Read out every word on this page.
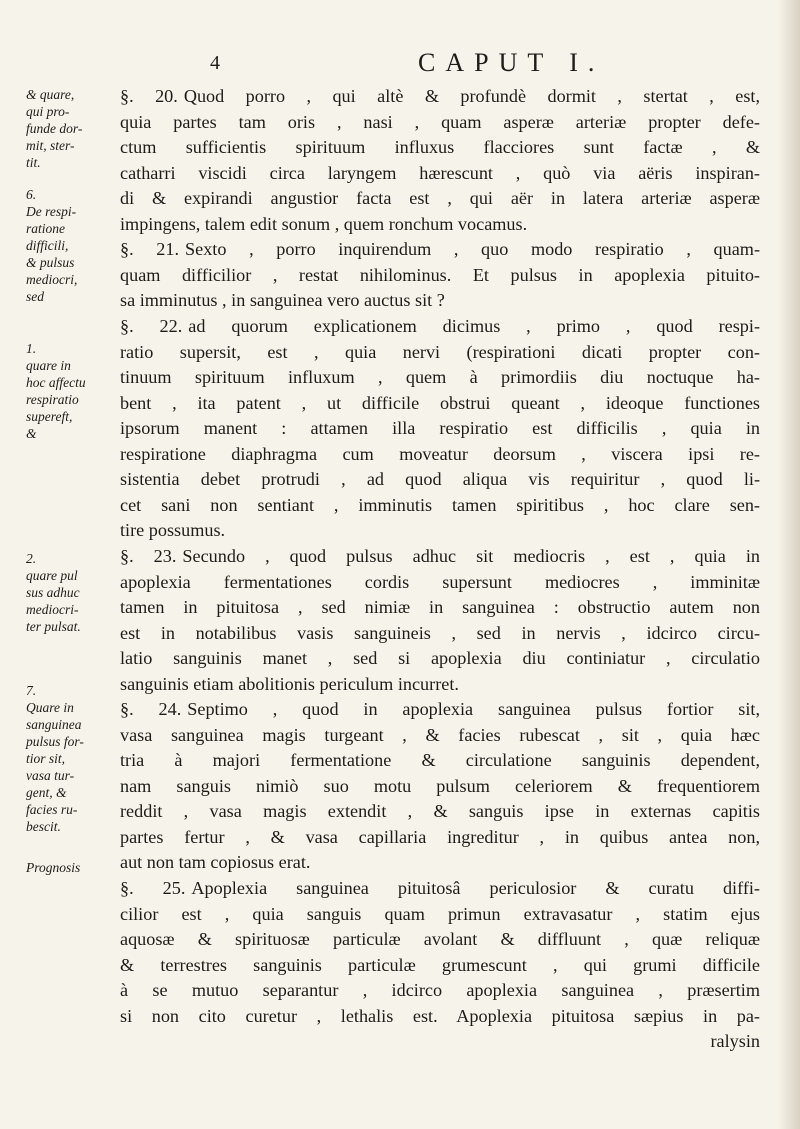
4	CAPUT I.
& quare,
qui pro-
funde dor-
mit, ster-
tit.
6.
De respi-
ratione
difficili,
& pulsus
mediocri,
sed
1.
quare in
hoc affectu
respiratio
supereft,
&
2.
quare pul
sus adhuc
mediocri-
ter pulsat.
7.
Quare in
sanguinea
pulsus for-
tior sit,
vasa tur-
gent, &
facies ru-
bescit.
Prognosis
§. 20. Quod porro , qui altè & profundè dormit , stertat , est,
quia partes tam oris , nasi , quam asperæ arteriæ propter defe-
ctum sufficientis spirituum influxus flacciores sunt factæ , &
catharri viscidi circa laryngem hærescunt , quò via aëris inspiran-
di & expirandi angustior facta est , qui aër in latera arteriæ asperæ
impingens, talem edit sonum , quem ronchum vocamus.
§. 21. Sexto , porro inquirendum , quo modo respiratio , quam-
quam difficilior , restat nihilominus. Et pulsus in apoplexia pituito-
sa imminutus , in sanguinea vero auctus sit ?
§. 22. ad quorum explicationem dicimus , primo , quod respi-
ratio supersit, est , quia nervi (respirationi dicati propter con-
tinuum spirituum influxum , quem à primordiis diu noctuque ha-
bent , ita patent , ut difficile obstrui queant , ideoque functiones
ipsorum manent : attamen illa respiratio est difficilis , quia in
respiratione diaphragma cum moveatur deorsum , viscera ipsi re-
sistentia debet protrudi , ad quod aliqua vis requiritur , quod li-
cet sani non sentiant , imminutis tamen spiritibus , hoc clare sen-
tire possumus.
§. 23. Secundo , quod pulsus adhuc sit mediocris , est , quia in
apoplexia fermentationes cordis supersunt mediocres , imminitæ
tamen in pituitosa , sed nimiæ in sanguinea : obstructio autem non
est in notabilibus vasis sanguineis , sed in nervis , idcirco circu-
latio sanguinis manet , sed si apoplexia diu continiatur , circulatio
sanguinis etiam abolitionis periculum incurret.
§. 24. Septimo , quod in apoplexia sanguinea pulsus fortior sit,
vasa sanguinea magis turgeant , & facies rubescat , sit , quia hæc
tria à majori fermentatione & circulatione sanguinis dependent,
nam sanguis nimiò suo motu pulsum celeriorem & frequentiorem
reddit , vasa magis extendit , & sanguis ipse in externas capitis
partes fertur , & vasa capillaria ingreditur , in quibus antea non,
aut non tam copiosus erat.
§. 25. Apoplexia sanguinea pituitosâ periculosior & curatu diffi-
cilior est , quia sanguis quam primun extravasatur , statim ejus
aquosæ & spirituosæ particulæ avolant & diffluunt , quæ reliquæ
& terrestres sanguinis particulæ grumescunt , qui grumi difficile
à se mutuo separantur , idcirco apoplexia sanguinea , præsertim
si non cito curetur , lethalis est. Apoplexia pituitosa sæpius in pa-
ralysin
